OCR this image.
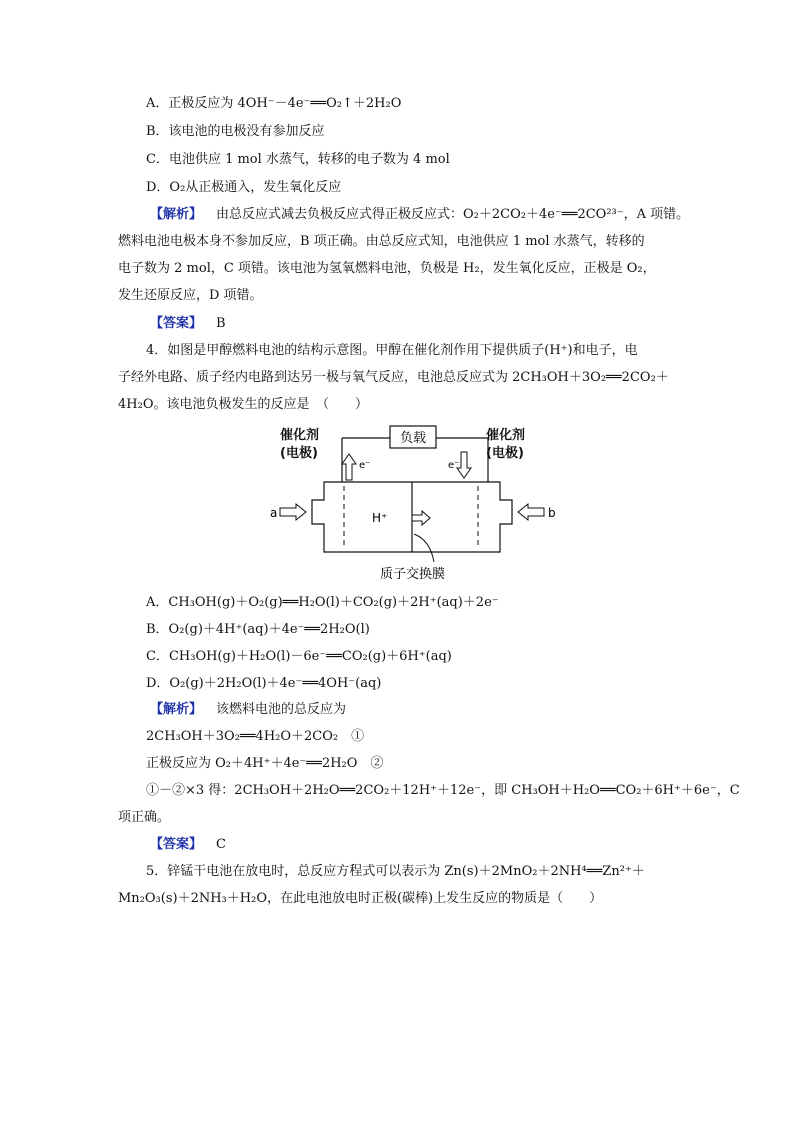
A．正极反应为 4OH⁻－4e⁻══O₂↑＋2H₂O
B．该电池的电极没有参加反应
C．电池供应 1 mol 水蒸气，转移的电子数为 4 mol
D．O₂从正极通入，发生氧化反应
【解析】 由总反应式减去负极反应式得正极反应式：O₂＋2CO₂＋4e⁻══2CO²³⁻，A 项错。
燃料电池电极本身不参加反应，B 项正确。由总反应式知，电池供应 1 mol 水蒸气，转移的
电子数为 2 mol，C 项错。该电池为氢氧燃料电池，负极是 H₂，发生氧化反应，正极是 O₂，
发生还原反应，D 项错。
【答案】 B
4．如图是甲醇燃料电池的结构示意图。甲醇在催化剂作用下提供质子(H⁺)和电子，电
子经外电路、质子经内电路到达另一极与氧气反应，电池总反应式为 2CH₃OH＋3O₂══2CO₂＋
4H₂O。该电池负极发生的反应是　（　　）
负载
e⁻	e⁻
H⁺
a	b
质子交换膜
催化剂
(电极)
催化剂
(电极)
A．CH₃OH(g)＋O₂(g)══H₂O(l)＋CO₂(g)＋2H⁺(aq)＋2e⁻
B．O₂(g)＋4H⁺(aq)＋4e⁻══2H₂O(l)
C．CH₃OH(g)＋H₂O(l)－6e⁻══CO₂(g)＋6H⁺(aq)
D．O₂(g)＋2H₂O(l)＋4e⁻══4OH⁻(aq)
【解析】 该燃料电池的总反应为
2CH₃OH＋3O₂══4H₂O＋2CO₂　①
正极反应为 O₂＋4H⁺＋4e⁻══2H₂O　②
①－②×3 得：2CH₃OH＋2H₂O══2CO₂＋12H⁺＋12e⁻，即 CH₃OH＋H₂O══CO₂＋6H⁺＋6e⁻，C
项正确。
【答案】 C
5．锌锰干电池在放电时，总反应方程式可以表示为 Zn(s)＋2MnO₂＋2NH⁴══Zn²⁺＋
Mn₂O₃(s)＋2NH₃＋H₂O，在此电池放电时正极(碳棒)上发生反应的物质是（　　）
